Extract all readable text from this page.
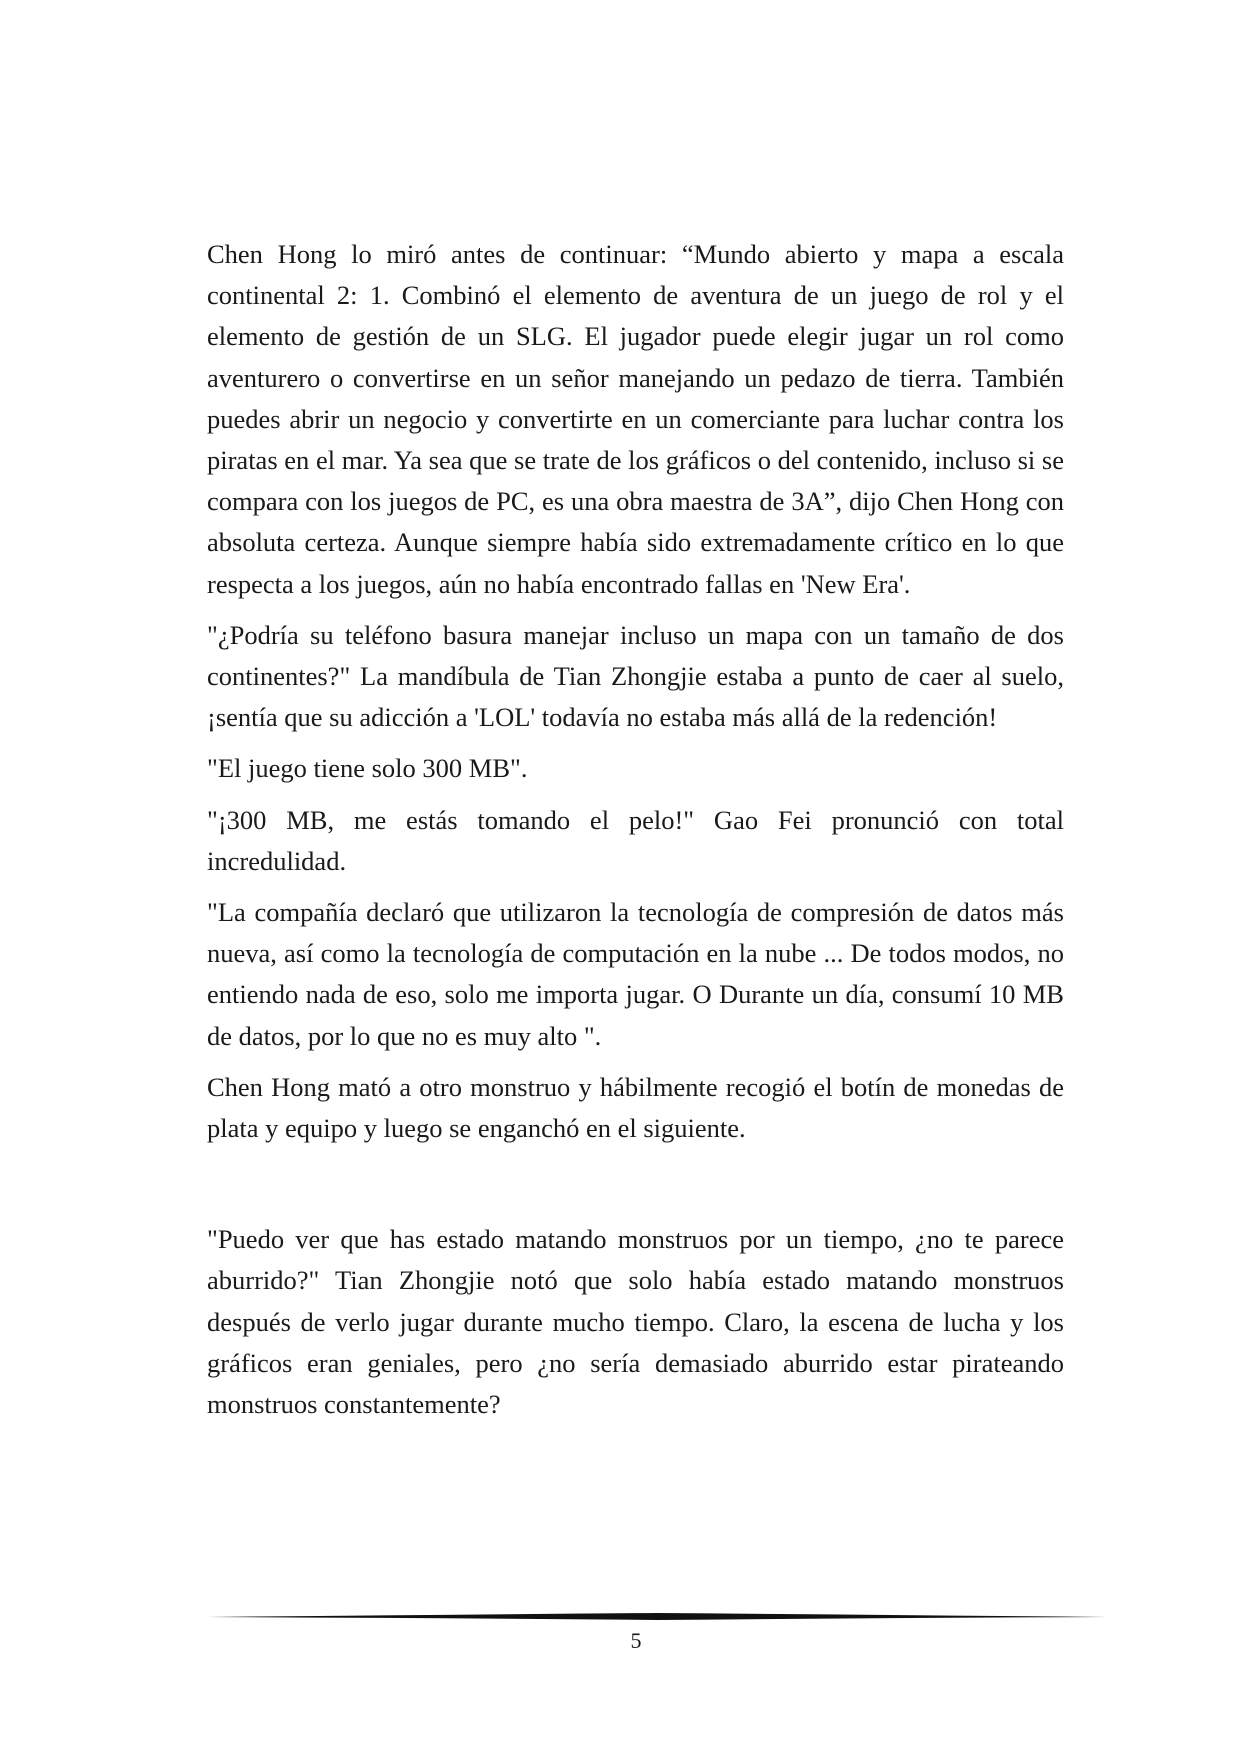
Chen Hong lo miró antes de continuar: “Mundo abierto y mapa a escala continental 2: 1. Combinó el elemento de aventura de un juego de rol y el elemento de gestión de un SLG. El jugador puede elegir jugar un rol como aventurero o convertirse en un señor manejando un pedazo de tierra. También puedes abrir un negocio y convertirte en un comerciante para luchar contra los piratas en el mar. Ya sea que se trate de los gráficos o del contenido, incluso si se compara con los juegos de PC, es una obra maestra de 3A”, dijo Chen Hong con absoluta certeza. Aunque siempre había sido extremadamente crítico en lo que respecta a los juegos, aún no había encontrado fallas en 'New Era'.

"¿Podría su teléfono basura manejar incluso un mapa con un tamaño de dos continentes?" La mandíbula de Tian Zhongjie estaba a punto de caer al suelo, ¡sentía que su adicción a 'LOL' todavía no estaba más allá de la redención!

"El juego tiene solo 300 MB".

"¡300 MB, me estás tomando el pelo!" Gao Fei pronunció con total incredulidad.

"La compañía declaró que utilizaron la tecnología de compresión de datos más nueva, así como la tecnología de computación en la nube ... De todos modos, no entiendo nada de eso, solo me importa jugar. O Durante un día, consumí 10 MB de datos, por lo que no es muy alto ".

Chen Hong mató a otro monstruo y hábilmente recogió el botín de monedas de plata y equipo y luego se enganchó en el siguiente.

"Puedo ver que has estado matando monstruos por un tiempo, ¿no te parece aburrido?" Tian Zhongjie notó que solo había estado matando monstruos después de verlo jugar durante mucho tiempo. Claro, la escena de lucha y los gráficos eran geniales, pero ¿no sería demasiado aburrido estar pirateando monstruos constantemente?

5
